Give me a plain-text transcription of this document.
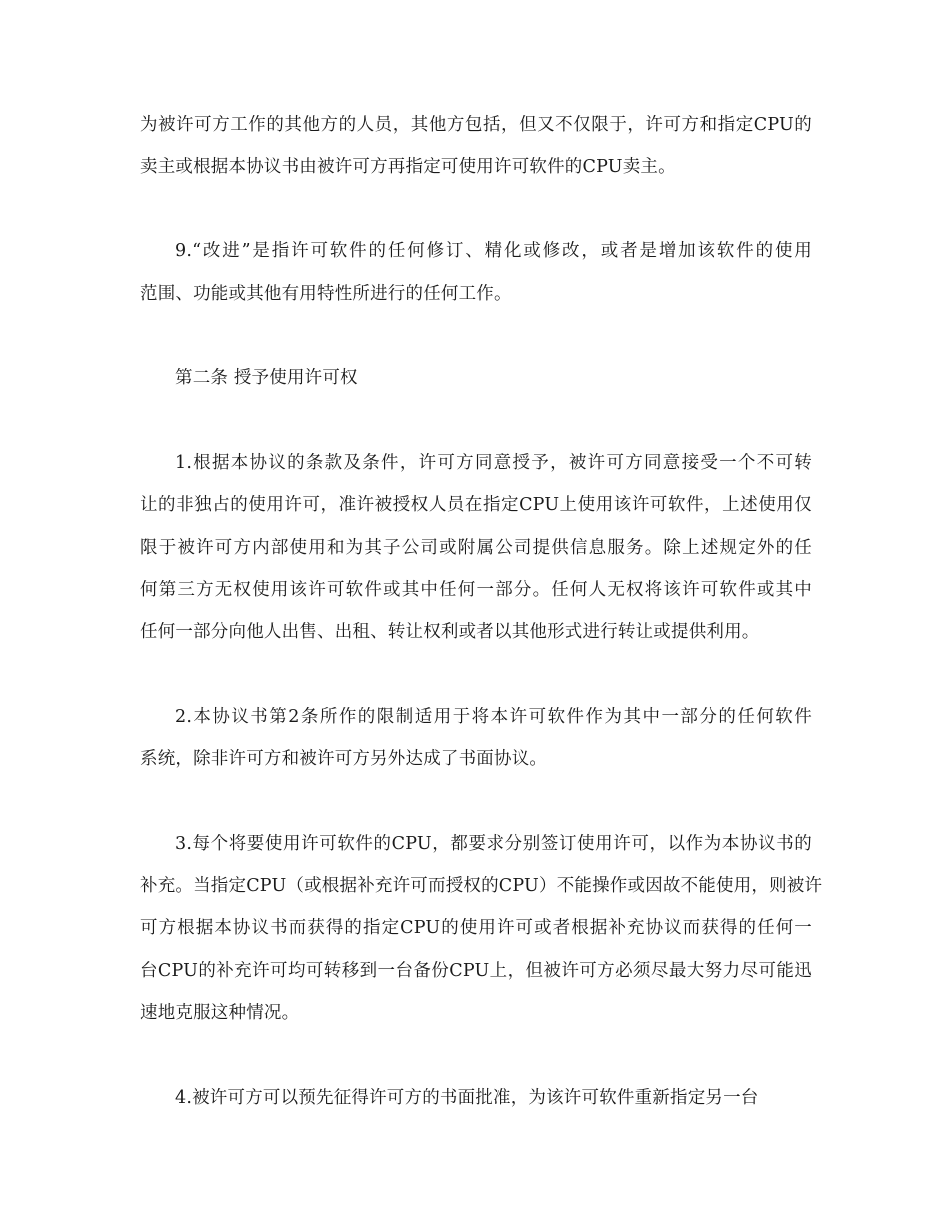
为被许可方工作的其他方的人员，其他方包括，但又不仅限于，许可方和指定CPU的
卖主或根据本协议书由被许可方再指定可使用许可软件的CPU卖主。
9.“改进”是指许可软件的任何修订、精化或修改，或者是增加该软件的使用
范围、功能或其他有用特性所进行的任何工作。
第二条 授予使用许可权
1.根据本协议的条款及条件，许可方同意授予，被许可方同意接受一个不可转
让的非独占的使用许可，准许被授权人员在指定CPU上使用该许可软件，上述使用仅
限于被许可方内部使用和为其子公司或附属公司提供信息服务。除上述规定外的任
何第三方无权使用该许可软件或其中任何一部分。任何人无权将该许可软件或其中
任何一部分向他人出售、出租、转让权利或者以其他形式进行转让或提供利用。
2.本协议书第2条所作的限制适用于将本许可软件作为其中一部分的任何软件
系统，除非许可方和被许可方另外达成了书面协议。
3.每个将要使用许可软件的CPU，都要求分别签订使用许可，以作为本协议书的
补充。当指定CPU（或根据补充许可而授权的CPU）不能操作或因故不能使用，则被许
可方根据本协议书而获得的指定CPU的使用许可或者根据补充协议而获得的任何一
台CPU的补充许可均可转移到一台备份CPU上，但被许可方必须尽最大努力尽可能迅
速地克服这种情况。
4.被许可方可以预先征得许可方的书面批准，为该许可软件重新指定另一台
